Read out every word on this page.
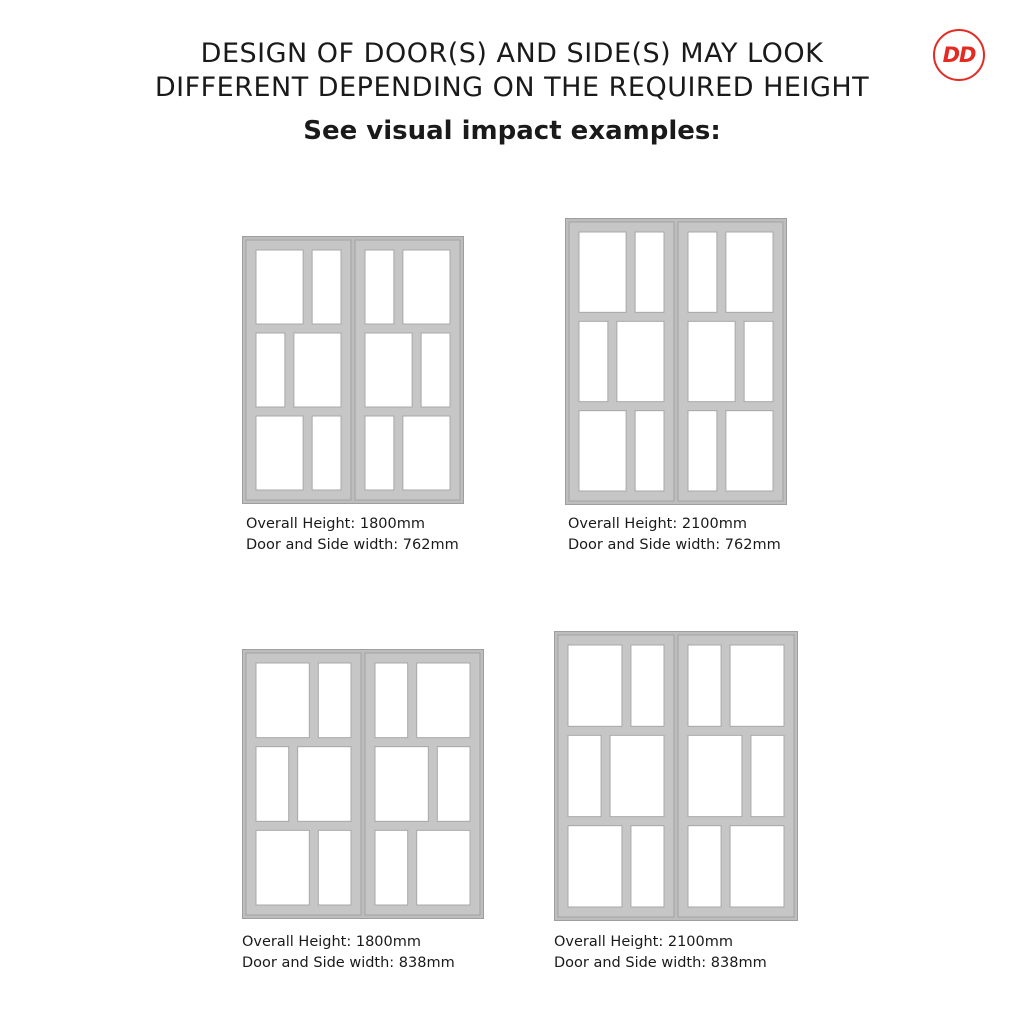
DESIGN OF DOOR(S) AND SIDE(S) MAY LOOK
DIFFERENT DEPENDING ON THE REQUIRED HEIGHT
See visual impact examples:
DD
Overall Height: 1800mm
Door and Side width: 762mm
Overall Height: 2100mm
Door and Side width: 762mm
Overall Height: 1800mm
Door and Side width: 838mm
Overall Height: 2100mm
Door and Side width: 838mm
